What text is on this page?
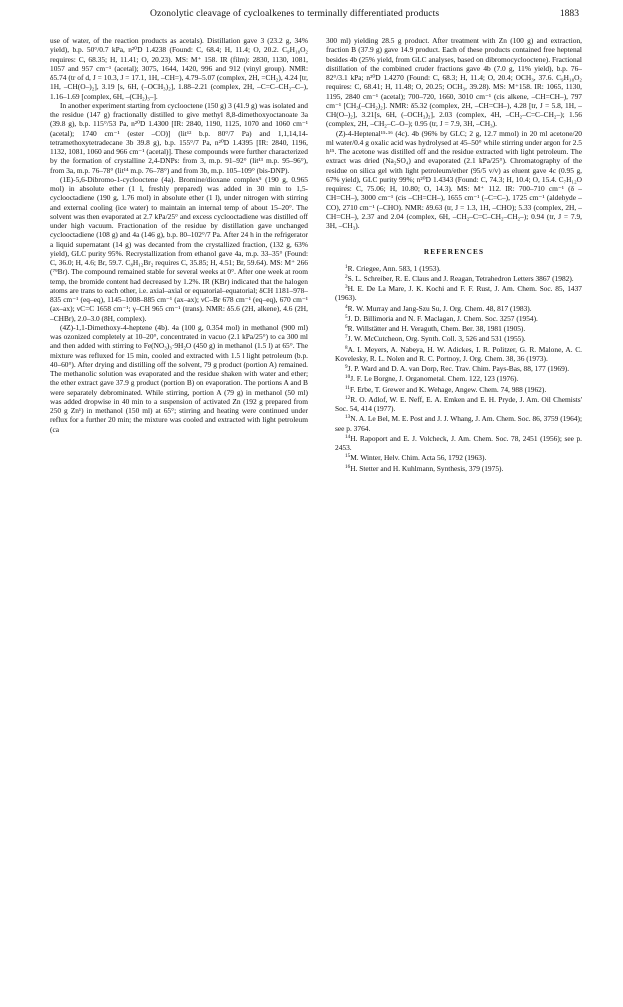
Ozonolytic cleavage of cycloalkenes to terminally differentiated products	1883

use of water, of the reaction products as acetals). Distillation gave 3 (23.2 g, 34% yield), b.p. 50°/0.7 kPa, n²⁰D 1.4238 (Found: C, 68.4; H, 11.4; O, 20.2. C₉H₁₈O₂ requires: C, 68.35; H, 11.41; O, 20.23). MS: M⁺ 158. IR (film): 2830, 1130, 1081, 1057 and 957 cm⁻¹ (acetal); 3075, 1644, 1420, 996 and 912 (vinyl group). NMR: δ5.74 (tr of d, J = 10.3, J = 17.1, 1H, –CH=), 4.79–5.07 (complex, 2H, =CH₂), 4.24 [tr, 1H, –CH(O–)₂], 3.19 [s, 6H, (–OCH₃)₂], 1.88–2.21 (complex, 2H, –C=C–CH₂–C–), 1.16–1.69 [complex, 6H, –(CH₂)₃–].

In another experiment starting from cyclooctene (150 g) 3 (41.9 g) was isolated and the residue (147 g) fractionally distilled to give methyl 8,8-dimethoxyoctanoate 3a (39.8 g), b.p. 115°/53 Pa, n²⁰D 1.4300 [IR: 2840, 1190, 1125, 1070 and 1060 cm⁻¹ (acetal); 1740 cm⁻¹ (ester –CO)] (lit¹² b.p. 80°/7 Pa) and 1,1,14,14-tetramethoxytetradecane 3b 39.8 g), b.p. 155°/7 Pa, n²⁰D 1.4395 [IR: 2840, 1196, 1132, 1081, 1060 and 966 cm⁻¹ (acetal)]. These compounds were further characterized by the formation of crystalline 2,4-DNPs: from 3, m.p. 91–92° (lit¹³ m.p. 95–96°), from 3a, m.p. 76–78° (lit¹⁴ m.p. 76–78°) and from 3b, m.p. 105–109° (bis-DNP).

(1E)-5,6-Dibromo-1-cyclooctene (4a). Bromine/dioxane complex⁵ (190 g, 0.965 mol) in absolute ether (1 l, freshly prepared) was added in 30 min to 1,5-cyclooctadiene (190 g, 1.76 mol) in absolute ether (1 l), under nitrogen with stirring and external cooling (ice water) to maintain an internal temp of about 15–20°. The solvent was then evaporated at 2.7 kPa/25° and excess cyclooctadiene was distilled off under high vacuum. Fractionation of the residue by distillation gave unchanged cyclooctadiene (108 g) and 4a (146 g), b.p. 80–102°/7 Pa. After 24 h in the refrigerator a liquid supernatant (14 g) was decanted from the crystallized fraction, (132 g, 63% yield), GLC purity 95%. Recrystallization from ethanol gave 4a, m.p. 33–35° (Found: C, 36.0; H, 4.6; Br, 59.7. C₈H₁₂Br₂ requires C, 35.85; H, 4.51; Br, 59.64). MS: M⁺ 266 (⁷⁹Br). The compound remained stable for several weeks at 0°. After one week at room temp, the bromide content had decreased by 1.2%. IR (KBr) indicated that the halogen atoms are trans to each other, i.e. axial–axial or equatorial–equatorial; δCH 1181–978–835 cm⁻¹ (eq–eq), 1145–1008–885 cm⁻¹ (ax–ax); νC–Br 678 cm⁻¹ (eq–eq), 670 cm⁻¹ (ax–ax); νC=C 1658 cm⁻¹; γ–CH 965 cm⁻¹ (trans). NMR: δ5.6 (2H, alkene), 4.6 (2H, –CHBr), 2.0–3.0 (8H, complex).

(4Z)-1,1-Dimethoxy-4-heptene (4b). 4a (100 g, 0.354 mol) in methanol (900 ml) was ozonized completely at 10–20°, concentrated in vacuo (2.1 kPa/25°) to ca 300 ml and then added with stirring to Fe(NO₃)₃·9H₂O (450 g) in methanol (1.5 l) at 65°. The mixture was refluxed for 15 min, cooled and extracted with 1.5 l light petroleum (b.p. 40–60°). After drying and distilling off the solvent, 79 g product (portion A) remained. The methanolic solution was evaporated and the residue shaken with water and ether; the ether extract gave 37.9 g product (portion B) on evaporation. The portions A and B were separately debrominated. While stirring, portion A (79 g) in methanol (50 ml) was added dropwise in 40 min to a suspension of activated Zn (192 g prepared from 250 g Zn¹) in methanol (150 ml) at 65°; stirring and heating were continued under reflux for a further 20 min; the mixture was cooled and extracted with light petroleum (ca

300 ml) yielding 28.5 g product. After treatment with Zn (100 g) and extraction, fraction B (37.9 g) gave 14.9 product. Each of these products contained free heptenal besides 4b (25% yield, from GLC analyses, based on dibromocyclooctene). Fractional distillation of the combined cruder fractions gave 4b (7.0 g, 11% yield), b.p. 76–82°/3.1 kPa; n²⁰D 1.4270 (Found: C, 68.3; H, 11.4; O, 20.4; OCH₃, 37.6. C₉H₁₈O₂ requires: C, 68.41; H, 11.48; O, 20.25; OCH₃, 39.28). MS: M⁺158. IR: 1065, 1130, 1195, 2840 cm⁻¹ (acetal); 700–720, 1660, 3010 cm⁻¹ (cis alkene, –CH=CH–), 797 cm⁻¹ [CH₃(–CH₂)₂]. NMR: δ5.32 (complex, 2H, –CH=CH–), 4.28 [tr, J = 5.8, 1H, –CH(O–)₂], 3.21[s, 6H, (–OCH₃)₂], 2.03 (complex, 4H, –CH₂–C=C–CH₂–); 1.56 (complex, 2H, –CH₂–C–O–); 0.95 (tr, J = 7.9, 3H, –CH₃).

(Z)-4-Heptenal¹⁵·¹⁶ (4c). 4b (96% by GLC; 2 g, 12.7 mmol) in 20 ml acetone/20 ml water/0.4 g oxalic acid was hydrolysed at 45–50° while stirring under argon for 2.5 h¹⁵. The acetone was distilled off and the residue extracted with light petroleum. The extract was dried (Na₂SO₄) and evaporated (2.1 kPa/25°). Chromatography of the residue on silica gel with light petroleum/ether (95/5 v/v) as eluent gave 4c (0.95 g, 67% yield), GLC purity 99%; n²⁰D 1.4343 (Found: C, 74.3; H, 10.4; O, 15.4. C₇H₁₂O requires: C, 75.06; H, 10.80; O, 14.3). MS: M⁺ 112. IR: 700–710 cm⁻¹ (δ –CH=CH–), 3000 cm⁻¹ (cis –CH=CH–), 1655 cm⁻¹ (–C=C–), 1725 cm⁻¹ (aldehyde –CO), 2710 cm⁻¹ (–CHO). NMR: δ9.63 (tr, J = 1.3, 1H, –CHO); 5.33 (complex, 2H, –CH=CH–), 2.37 and 2.04 (complex, 6H, –CH₂–C=C–CH₂–CH₂–); 0.94 (tr, J = 7.9, 3H, –CH₃).

REFERENCES

$^1$R. Criegee, Ann. 583, 1 (1953).

$^2$S. L. Schreiber, R. E. Claus and J. Reagan, Tetrahedron Letters 3867 (1982).

$^3$H. E. De La Mare, J. K. Kochi and F. F. Rust, J. Am. Chem. Soc. 85, 1437 (1963).

$^4$R. W. Murray and Jang-Szu Su, J. Org. Chem. 48, 817 (1983).

$^5$J. D. Billimoria and N. F. Maclagan, J. Chem. Soc. 3257 (1954).

$^6$R. Willstätter and H. Veraguth, Chem. Ber. 38, 1981 (1905).

$^7$J. W. McCutcheon, Org. Synth. Coll. 3, 526 and 531 (1955).

$^8$A. I. Meyers, A. Nabeya, H. W. Adickes, I. R. Politzer, G. R. Malone, A. C. Kovelesky, R. L. Nolen and R. C. Portnoy, J. Org. Chem. 38, 36 (1973).

$^9$J. P. Ward and D. A. van Dorp, Rec. Trav. Chim. Pays-Bas, 88, 177 (1969).

$^{10}$J. F. Le Borgne, J. Organometal. Chem. 122, 123 (1976).

$^{11}$F. Erbe, T. Grewer and K. Wehage, Angew. Chem. 74, 988 (1962).

$^{12}$R. O. Adlof, W. E. Neff, E. A. Emken and E. H. Pryde, J. Am. Oil Chemists' Soc. 54, 414 (1977).

$^{13}$N. A. Le Bel, M. E. Post and J. J. Whang, J. Am. Chem. Soc. 86, 3759 (1964); see p. 3764.

$^{14}$H. Rapoport and E. J. Volcheck, J. Am. Chem. Soc. 78, 2451 (1956); see p. 2453.

$^{15}$M. Winter, Helv. Chim. Acta 56, 1792 (1963).

$^{16}$H. Stetter and H. Kuhlmann, Synthesis, 379 (1975).
